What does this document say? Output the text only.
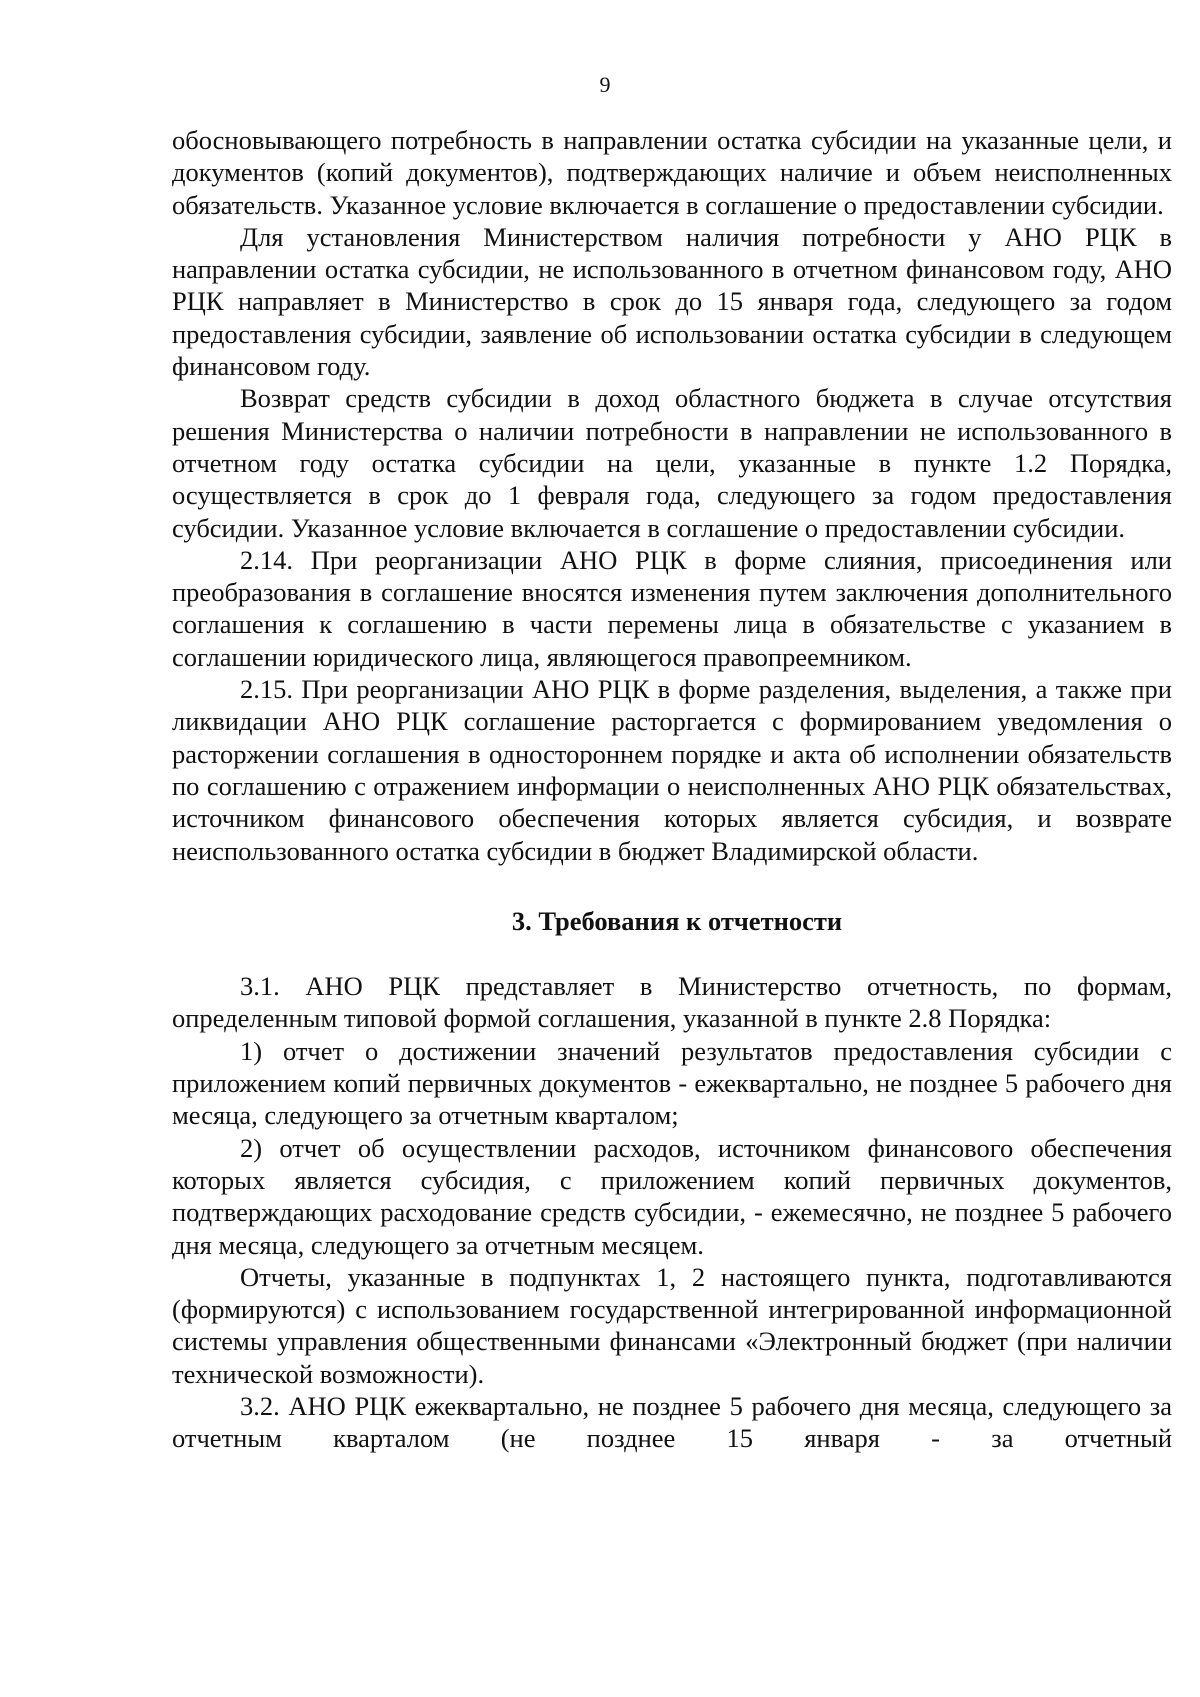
9

обосновывающего потребность в направлении остатка субсидии на указанные цели, и документов (копий документов), подтверждающих наличие и объем неисполненных обязательств. Указанное условие включается в соглашение о предоставлении субсидии.

Для установления Министерством наличия потребности у АНО РЦК в направлении остатка субсидии, не использованного в отчетном финансовом году, АНО РЦК направляет в Министерство в срок до 15 января года, следующего за годом предоставления субсидии, заявление об использовании остатка субсидии в следующем финансовом году.

Возврат средств субсидии в доход областного бюджета в случае отсутствия решения Министерства о наличии потребности в направлении не использованного в отчетном году остатка субсидии на цели, указанные в пункте 1.2 Порядка, осуществляется в срок до 1 февраля года, следующего за годом предоставления субсидии. Указанное условие включается в соглашение о предоставлении субсидии.

2.14. При реорганизации АНО РЦК в форме слияния, присоединения или преобразования в соглашение вносятся изменения путем заключения дополнительного соглашения к соглашению в части перемены лица в обязательстве с указанием в соглашении юридического лица, являющегося правопреемником.

2.15. При реорганизации АНО РЦК в форме разделения, выделения, а также при ликвидации АНО РЦК соглашение расторгается с формированием уведомления о расторжении соглашения в одностороннем порядке и акта об исполнении обязательств по соглашению с отражением информации о неисполненных АНО РЦК обязательствах, источником финансового обеспечения которых является субсидия, и возврате неиспользованного остатка субсидии в бюджет Владимирской области.

3. Требования к отчетности

3.1. АНО РЦК представляет в Министерство отчетность, по формам, определенным типовой формой соглашения, указанной в пункте 2.8 Порядка:

1) отчет о достижении значений результатов предоставления субсидии с приложением копий первичных документов - ежеквартально, не позднее 5 рабочего дня месяца, следующего за отчетным кварталом;

2) отчет об осуществлении расходов, источником финансового обеспечения которых является субсидия, с приложением копий первичных документов, подтверждающих расходование средств субсидии, - ежемесячно, не позднее 5 рабочего дня месяца, следующего за отчетным месяцем.

Отчеты, указанные в подпунктах 1, 2 настоящего пункта, подготавливаются (формируются) с использованием государственной интегрированной информационной системы управления общественными финансами «Электронный бюджет (при наличии технической возможности).

3.2. АНО РЦК ежеквартально, не позднее 5 рабочего дня месяца, следующего за отчетным кварталом (не позднее 15 января - за отчетный
